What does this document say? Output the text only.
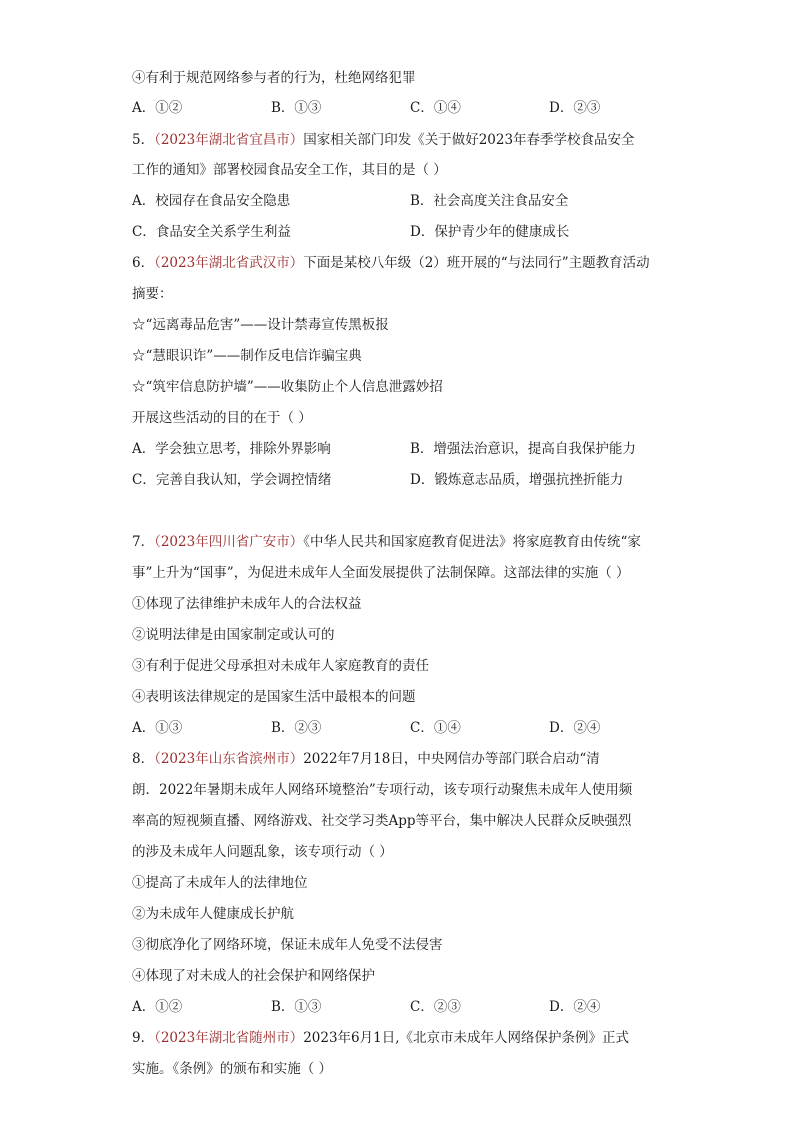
④有利于规范网络参与者的行为，杜绝网络犯罪
A．①②	B．①③	C．①④	D．②③
5．（2023年湖北省宜昌市）国家相关部门印发《关于做好2023年春季学校食品安全
工作的通知》部署校园食品安全工作，其目的是（ ）
A．校园存在食品安全隐患	B．社会高度关注食品安全
C．食品安全关系学生利益	D．保护青少年的健康成长
6．（2023年湖北省武汉市）下面是某校八年级（2）班开展的“与法同行”主题教育活动
摘要：
☆“远离毒品危害”——设计禁毒宣传黑板报
☆“慧眼识诈”——制作反电信诈骗宝典
☆“筑牢信息防护墙”——收集防止个人信息泄露妙招
开展这些活动的目的在于（ ）
A．学会独立思考，排除外界影响	B．增强法治意识，提高自我保护能力
C．完善自我认知，学会调控情绪	D．锻炼意志品质，增强抗挫折能力
7．（2023年四川省广安市）《中华人民共和国家庭教育促进法》将家庭教育由传统“家
事”上升为“国事”，为促进未成年人全面发展提供了法制保障。这部法律的实施（ ）
①体现了法律维护未成年人的合法权益
②说明法律是由国家制定或认可的
③有利于促进父母承担对未成年人家庭教育的责任
④表明该法律规定的是国家生活中最根本的问题
A．①③	B．②③	C．①④	D．②④
8．（2023年山东省滨州市）2022年7月18日，中央网信办等部门联合启动“清
朗．2022年暑期未成年人网络环境整治”专项行动，该专项行动聚焦未成年人使用频
率高的短视频直播、网络游戏、社交学习类App等平台，集中解决人民群众反映强烈
的涉及未成年人问题乱象，该专项行动（ ）
①提高了未成年人的法律地位
②为未成年人健康成长护航
③彻底净化了网络环境，保证未成年人免受不法侵害
④体现了对未成人的社会保护和网络保护
A．①②	B．①③	C．②③	D．②④
9．（2023年湖北省随州市）2023年6月1日,《北京市未成年人网络保护条例》正式
实施。《条例》的颁布和实施（ ）
